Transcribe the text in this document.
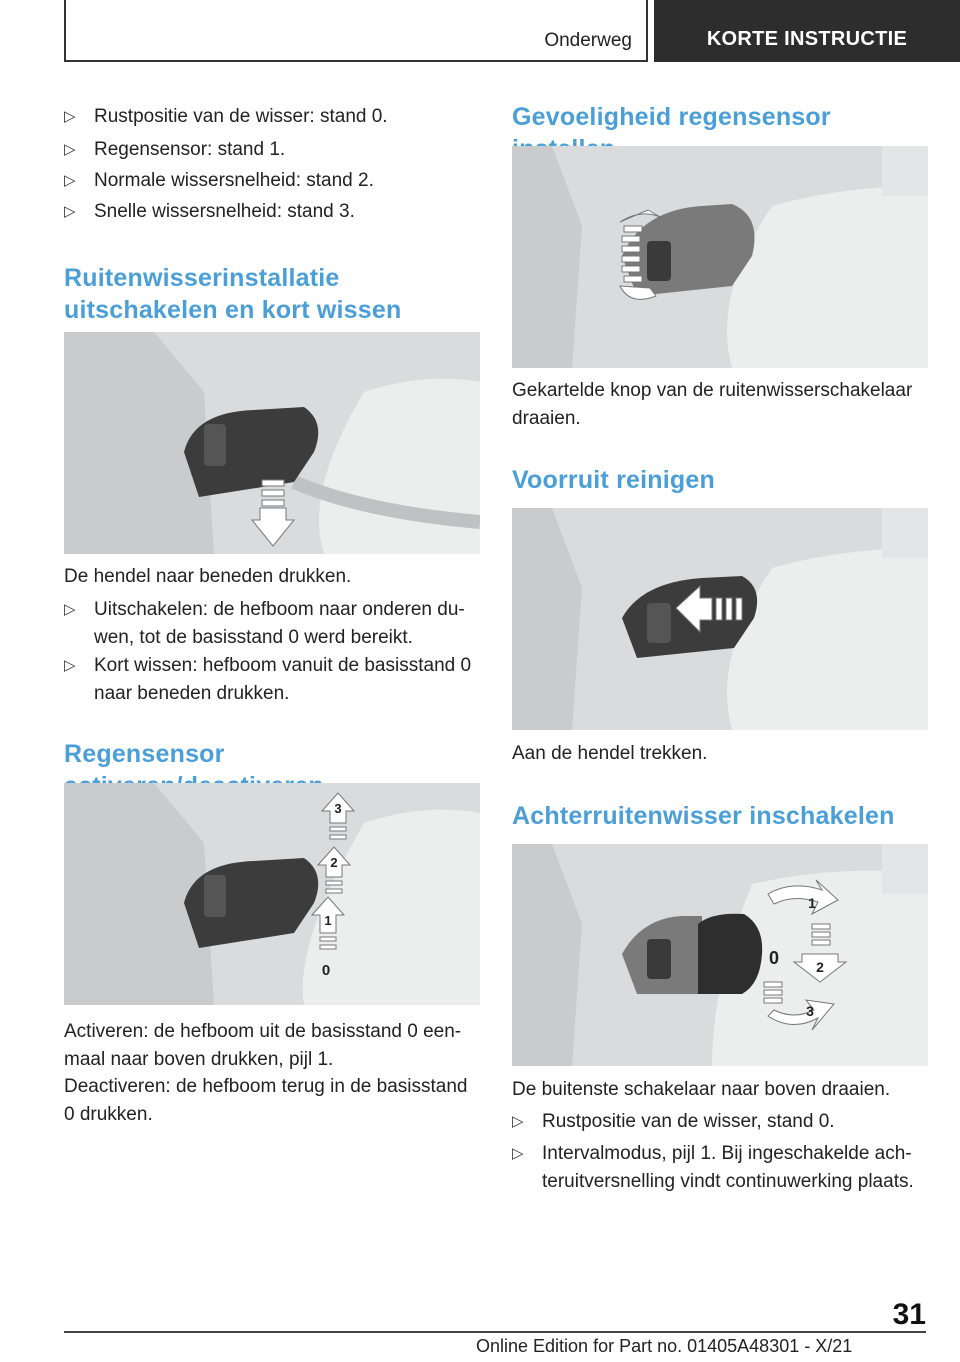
Onderweg	KORTE INSTRUCTIE
▷ Rustpositie van de wisser: stand 0.
▷ Regensensor: stand 1.
▷ Normale wissersnelheid: stand 2.
▷ Snelle wissersnelheid: stand 3.
Ruitenwisserinstallatie uitschakelen en kort wissen
De hendel naar beneden drukken.
▷ Uitschakelen: de hefboom naar onderen du-wen, tot de basisstand 0 werd bereikt.
▷ Kort wissen: hefboom vanuit de basisstand 0 naar beneden drukken.
Regensensor
3
2
1
0
Activeren: de hefboom uit de basisstand 0 een-maal naar boven drukken, pijl 1.
Deactiveren: de hefboom terug in de basisstand 0 drukken.
Gevoeligheid regensensor
Gekartelde knop van de ruitenwisserschakelaar draaien.
Voorruit reinigen
Aan de hendel trekken.
Achterruitenwisser inschakelen
1
0	2
3
De buitenste schakelaar naar boven draaien.
▷ Rustpositie van de wisser, stand 0.
▷ Intervalmodus, pijl 1. Bij ingeschakelde ach-teruitversnelling vindt continuwerking plaats.
31
Online Edition for Part no. 01405A48301 - X/21
